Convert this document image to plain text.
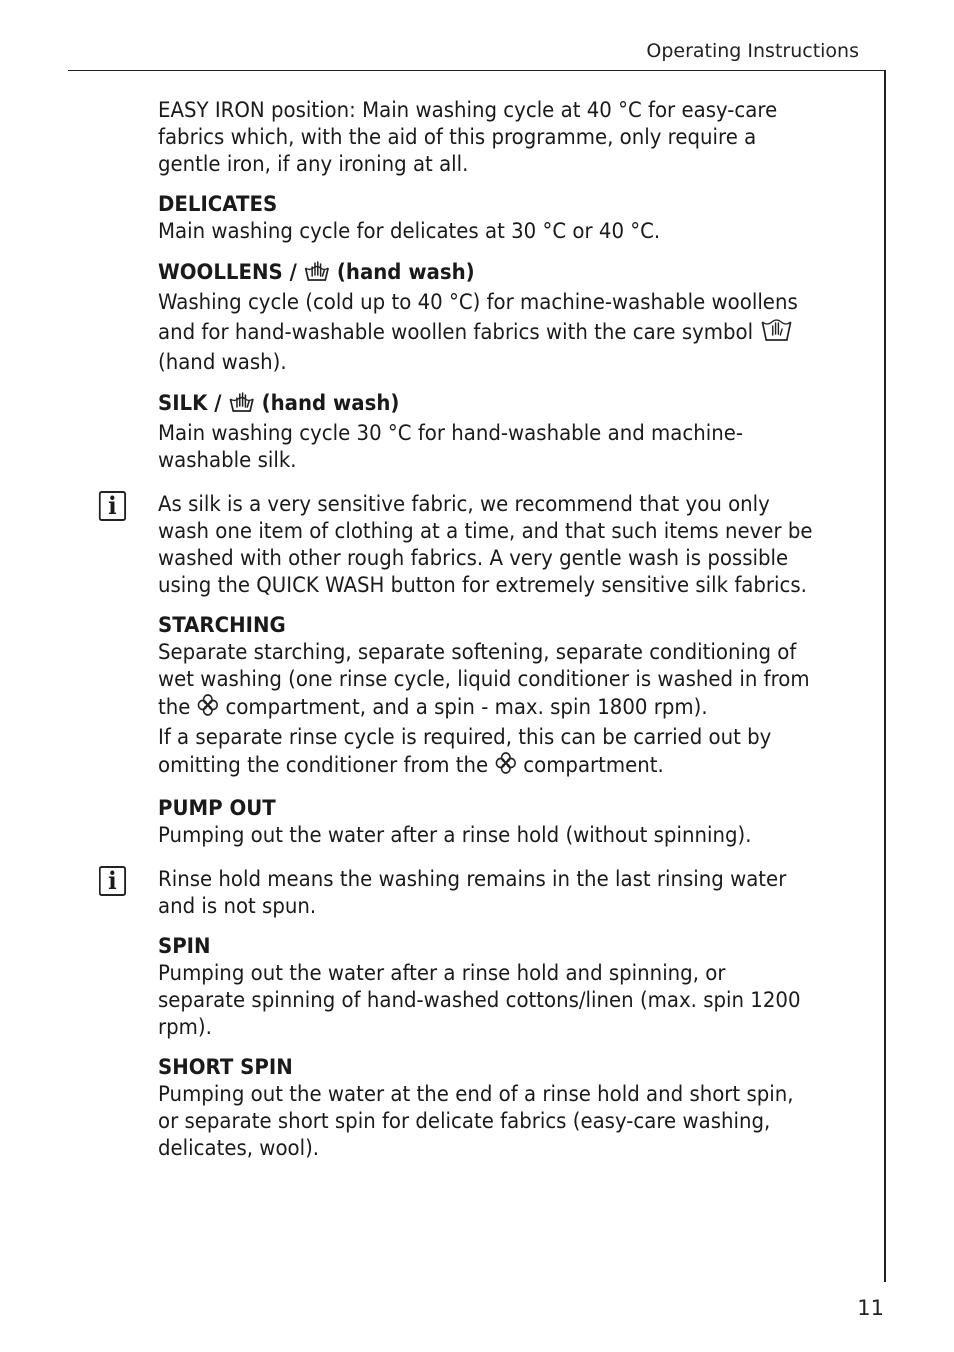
Operating Instructions

EASY IRON position: Main washing cycle at 40 °C for easy-care fabrics which, with the aid of this programme, only require a gentle iron, if any ironing at all.

DELICATES

Main washing cycle for delicates at 30 °C or 40 °C.

WOOLLENS /  (hand wash)

Washing cycle (cold up to 40 °C) for machine-washable woollens and for hand-washable woollen fabrics with the care symbol  (hand wash).

SILK /  (hand wash)

Main washing cycle 30 °C for hand-washable and machine-washable silk.

i	As silk is a very sensitive fabric, we recommend that you only wash one item of clothing at a time, and that such items never be washed with other rough fabrics. A very gentle wash is possible using the QUICK WASH button for extremely sensitive silk fabrics.

STARCHING

Separate starching, separate softening, separate conditioning of wet washing (one rinse cycle, liquid conditioner is washed in from the  compartment, and a spin - max. spin 1800 rpm).

If a separate rinse cycle is required, this can be carried out by omitting the conditioner from the  compartment.

PUMP OUT

Pumping out the water after a rinse hold (without spinning).

i	Rinse hold means the washing remains in the last rinsing water and is not spun.

SPIN

Pumping out the water after a rinse hold and spinning, or separate spinning of hand-washed cottons/linen (max. spin 1200 rpm).

SHORT SPIN

Pumping out the water at the end of a rinse hold and short spin, or separate short spin for delicate fabrics (easy-care washing, delicates, wool).

11
